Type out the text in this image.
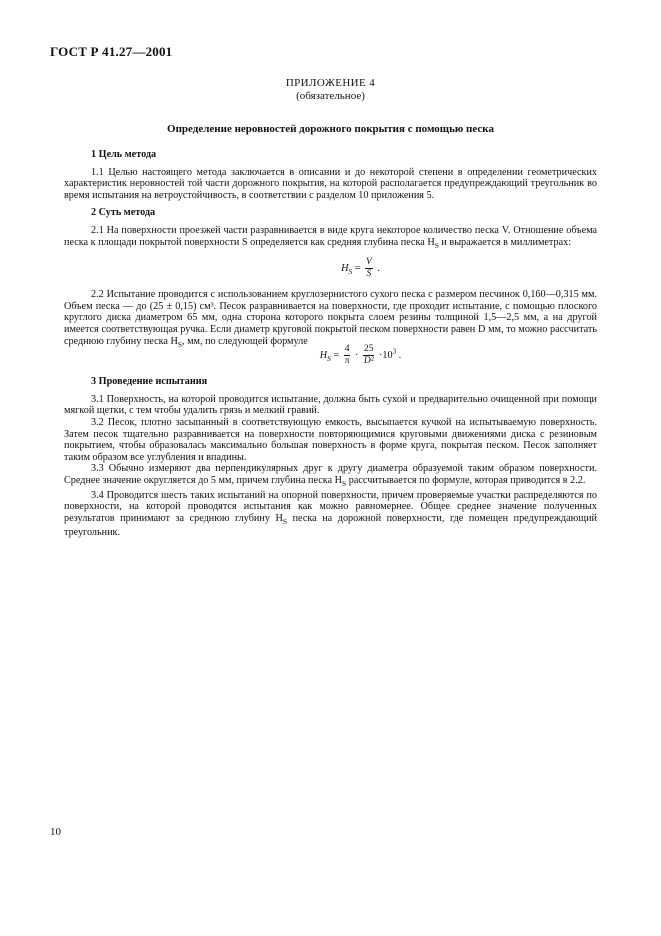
ГОСТ Р 41.27—2001
ПРИЛОЖЕНИЕ 4
(обязательное)
Определение неровностей дорожного покрытия с помощью песка
1 Цель метода

1.1 Целью настоящего метода заключается в описании и до некоторой степени в определении геометрических характеристик неровностей той части дорожного покрытия, на которой располагается предупреждающий треугольник во время испытания на ветроустойчивость, в соответствии с разделом 10 приложения 5.

2 Суть метода

2.1 На поверхности проезжей части разравнивается в виде круга некоторое количество песка V. Отношение объема песка к площади покрытой поверхности S определяется как средняя глубина песка $H_S$ и выражается в миллиметрах:

$H_S = \frac{V}{S}$ .

2.2 Испытание проводится с использованием круглозернистого сухого песка с размером песчинок 0,160—0,315 мм. Объем песка — до (25 ± 0,15) см³. Песок разравнивается на поверхности, где проходит испытание, с помощью плоского круглого диска диаметром 65 мм, одна сторона которого покрыта слоем резины толщиной 1,5—2,5 мм, а на другой имеется соответствующая ручка. Если диаметр круговой покрытой песком поверхности равен D мм, то можно рассчитать среднюю глубину песка $H_S$, мм, по следующей формуле

$H_S = \frac{4}{\pi} \cdot \frac{25}{\text{D²}} \cdot 10^3$ .
3 Проведение испытания

3.1 Поверхность, на которой проводится испытание, должна быть сухой и предварительно очищенной при помощи мягкой щетки, с тем чтобы удалить грязь и мелкий гравий.

3.2 Песок, плотно засыпанный в соответствующую емкость, высыпается кучкой на испытываемую поверхность. Затем песок тщательно разравнивается на поверхности повторяющимися круговыми движениями диска с резиновым покрытием, чтобы образовалась максимально большая поверхность в форме круга, покрытая песком. Песок заполняет таким образом все углубления и впадины.

3.3 Обычно измеряют два перпендикулярных друг к другу диаметра образуемой таким образом поверхности. Среднее значение округляется до 5 мм, причем глубина песка $H_S$ рассчитывается по формуле, которая приводится в 2.2.

3.4 Проводится шесть таких испытаний на опорной поверхности, причем проверяемые участки распределяются по поверхности, на которой проводятся испытания как можно равномернее. Общее среднее значение полученных результатов принимают за среднюю глубину $H_S$ песка на дорожной поверхности, где помещен предупреждающий треугольник.

10
